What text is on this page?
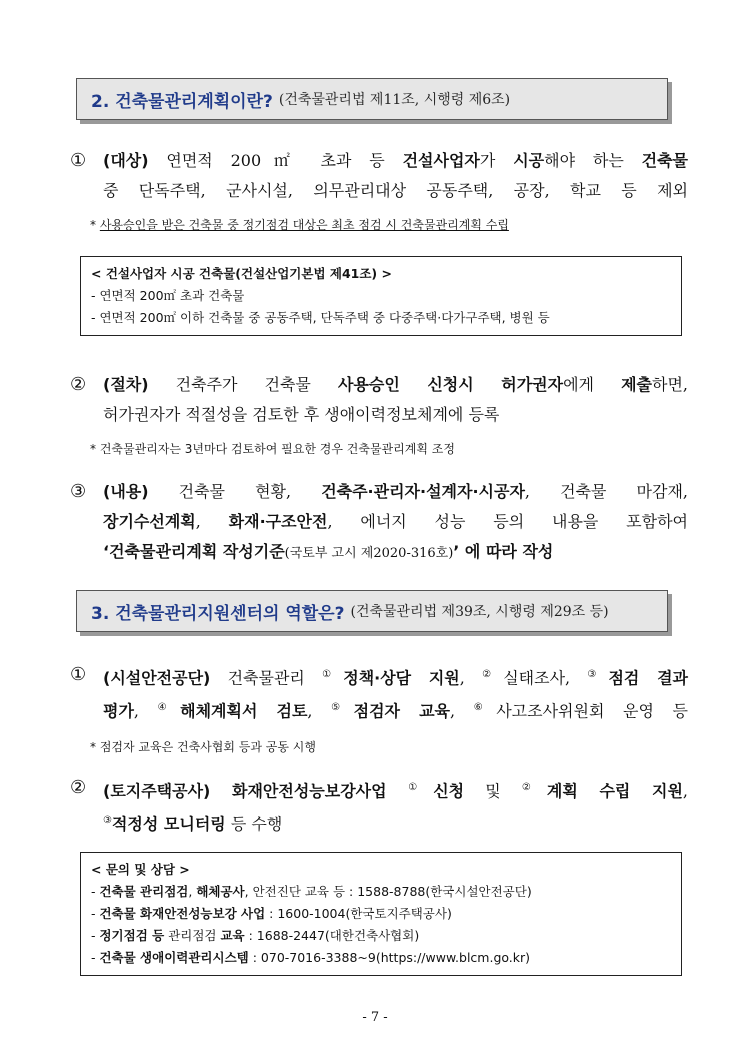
2. 건축물관리계획이란? (건축물관리법 제11조, 시행령 제6조)
①	(대상) 연면적 200㎡ 초과 등 건설사업자가 시공해야 하는 건축물
중 단독주택, 군사시설, 의무관리대상 공동주택, 공장, 학교 등 제외
* 사용승인을 받은 건축물 중 정기점검 대상은 최초 점검 시 건축물관리계획 수립
< 건설사업자 시공 건축물(건설산업기본법 제41조) >
- 연면적 200㎡ 초과 건축물
- 연면적 200㎡ 이하 건축물 중 공동주택, 단독주택 중 다중주택·다가구주택, 병원 등
②	(절차) 건축주가 건축물 사용승인 신청시 허가권자에게 제출하면,
허가권자가 적절성을 검토한 후 생애이력정보체계에 등록
* 건축물관리자는 3년마다 검토하여 필요한 경우 건축물관리계획 조정
③	(내용) 건축물 현황, 건축주·관리자·설계자·시공자, 건축물 마감재,
장기수선계획, 화재·구조안전, 에너지 성능 등의 내용을 포함하여
‘건축물관리계획 작성기준(국토부 고시 제2020-316호)’ 에 따라 작성
3. 건축물관리지원센터의 역할은? (건축물관리법 제39조, 시행령 제29조 등)
①	(시설안전공단) 건축물관리 ①정책·상담 지원, ②실태조사, ③점검 결과
평가, ④해체계획서 검토, ⑤점검자 교육, ⑥사고조사위원회 운영 등
* 점검자 교육은 건축사협회 등과 공동 시행
②	(토지주택공사) 화재안전성능보강사업 ①신청 및 ②계획 수립 지원,
③적정성 모니터링 등 수행
< 문의 및 상담 >
- 건축물 관리점검, 해체공사, 안전진단 교육 등 : 1588-8788(한국시설안전공단)
- 건축물 화재안전성능보강 사업 : 1600-1004(한국토지주택공사)
- 정기점검 등 관리점검 교육 : 1688-2447(대한건축사협회)
- 건축물 생애이력관리시스템 : 070-7016-3388~9(https://www.blcm.go.kr)
- 7 -
